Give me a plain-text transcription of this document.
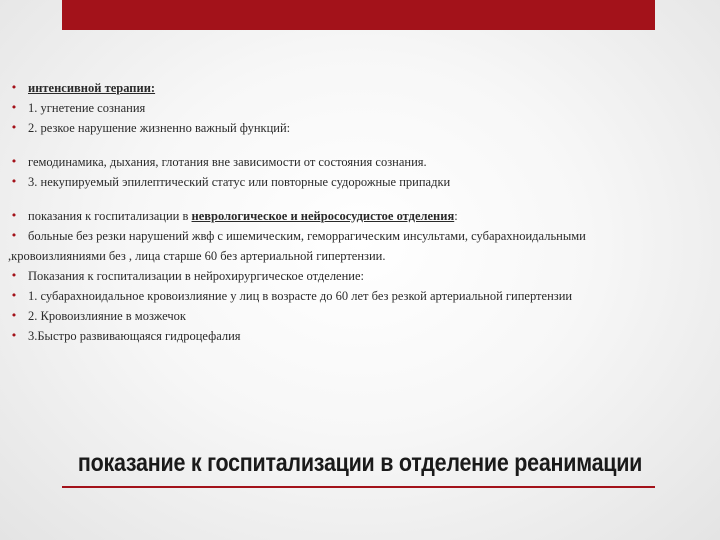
• интенсивной терапии:
• 1. угнетение сознания
• 2. резкое нарушение жизненно важный функций:
• гемодинамика, дыхания, глотания вне зависимости от состояния сознания.
• 3. некупируемый эпилептический статус или повторные судорожные припадки
• показания к госпитализации в неврологическое и нейрососудистое отделения:
• больные без резки нарушений жвф с ишемическим, геморрагическим инсультами, субарахноидальными
,кровоизлияниями без , лица старше 60 без артериальной гипертензии.
• Показания к госпитализации в нейрохирургическое отделение:
• 1. субарахноидальное кровоизлияние у лиц в возрасте до 60 лет без резкой артериальной гипертензии
• 2. Кровоизлияние в мозжечок
• 3.Быстро развивающаяся гидроцефалия
показание к госпитализации в отделение реанимации
